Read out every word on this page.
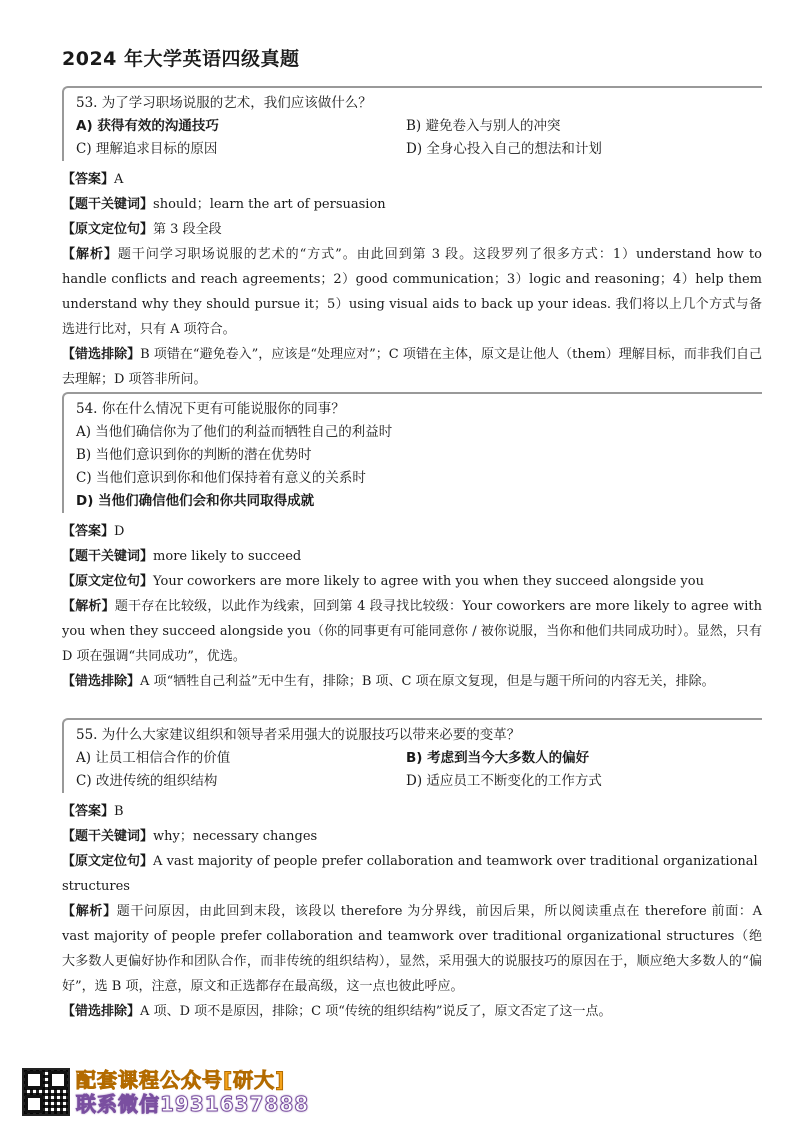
2024 年大学英语四级真题
53. 为了学习职场说服的艺术，我们应该做什么？
A) 获得有效的沟通技巧	B) 避免卷入与别人的冲突
C) 理解追求目标的原因	D) 全身心投入自己的想法和计划
【 答案 】 A
【 题干关键词 】 should；learn the art of persuasion
【 原文定位句 】 第 3 段全段

【 解析 】 题干问学习职场说服的艺术的“方式”。由此回到第 3 段。这段罗列了很多方式：1）understand how to handle conflicts and reach agreements；2）good communication；3）logic and reasoning；4）help them understand why they should pursue it；5）using visual aids to back up your ideas. 我们将以上几个方式与备选进行比对，只有 A 项符合。

【 错选排除 】 B 项错在“避免卷入”，应该是“处理应对”；C 项错在主体，原文是让他人（them）理解目标，而非我们自己去理解；D 项答非所问。

54. 你在什么情况下更有可能说服你的同事？
A) 当他们确信你为了他们的利益而牺牲自己的利益时
B) 当他们意识到你的判断的潜在优势时
C) 当他们意识到你和他们保持着有意义的关系时
D) 当他们确信他们会和你共同取得成就
【 答案 】 D
【 题干关键词 】 more likely to succeed
【 原文定位句 】 Your coworkers are more likely to agree with you when they succeed alongside you

【 解析 】 题干存在比较级，以此作为线索，回到第 4 段寻找比较级：Your coworkers are more likely to agree with you when they succeed alongside you（你的同事更有可能同意你 / 被你说服，当你和他们共同成功时）。显然，只有 D 项在强调“共同成功”，优选。

【 错选排除 】 A 项“牺牲自己利益”无中生有，排除；B 项、C 项在原文复现，但是与题干所问的内容无关，排除。

55. 为什么大家建议组织和领导者采用强大的说服技巧以带来必要的变革？
A) 让员工相信合作的价值	B) 考虑到当今大多数人的偏好
C) 改进传统的组织结构	D) 适应员工不断变化的工作方式
【 答案 】 B
【 题干关键词 】 why；necessary changes
【 原文定位句 】 A vast majority of people prefer collaboration and teamwork over traditional organizational structures

【 解析 】 题干问原因，由此回到末段，该段以 therefore 为分界线，前因后果，所以阅读重点在 therefore 前面：A vast majority of people prefer collaboration and teamwork over traditional organizational structures（绝大多数人更偏好协作和团队合作，而非传统的组织结构），显然，采用强大的说服技巧的原因在于，顺应绝大多数人的“偏好”，选 B 项，注意，原文和正选都存在最高级，这一点也彼此呼应。

【 错选排除 】 A 项、D 项不是原因，排除；C 项“传统的组织结构”说反了，原文否定了这一点。

配套课程公众号[研大]
联系微信1931637888
